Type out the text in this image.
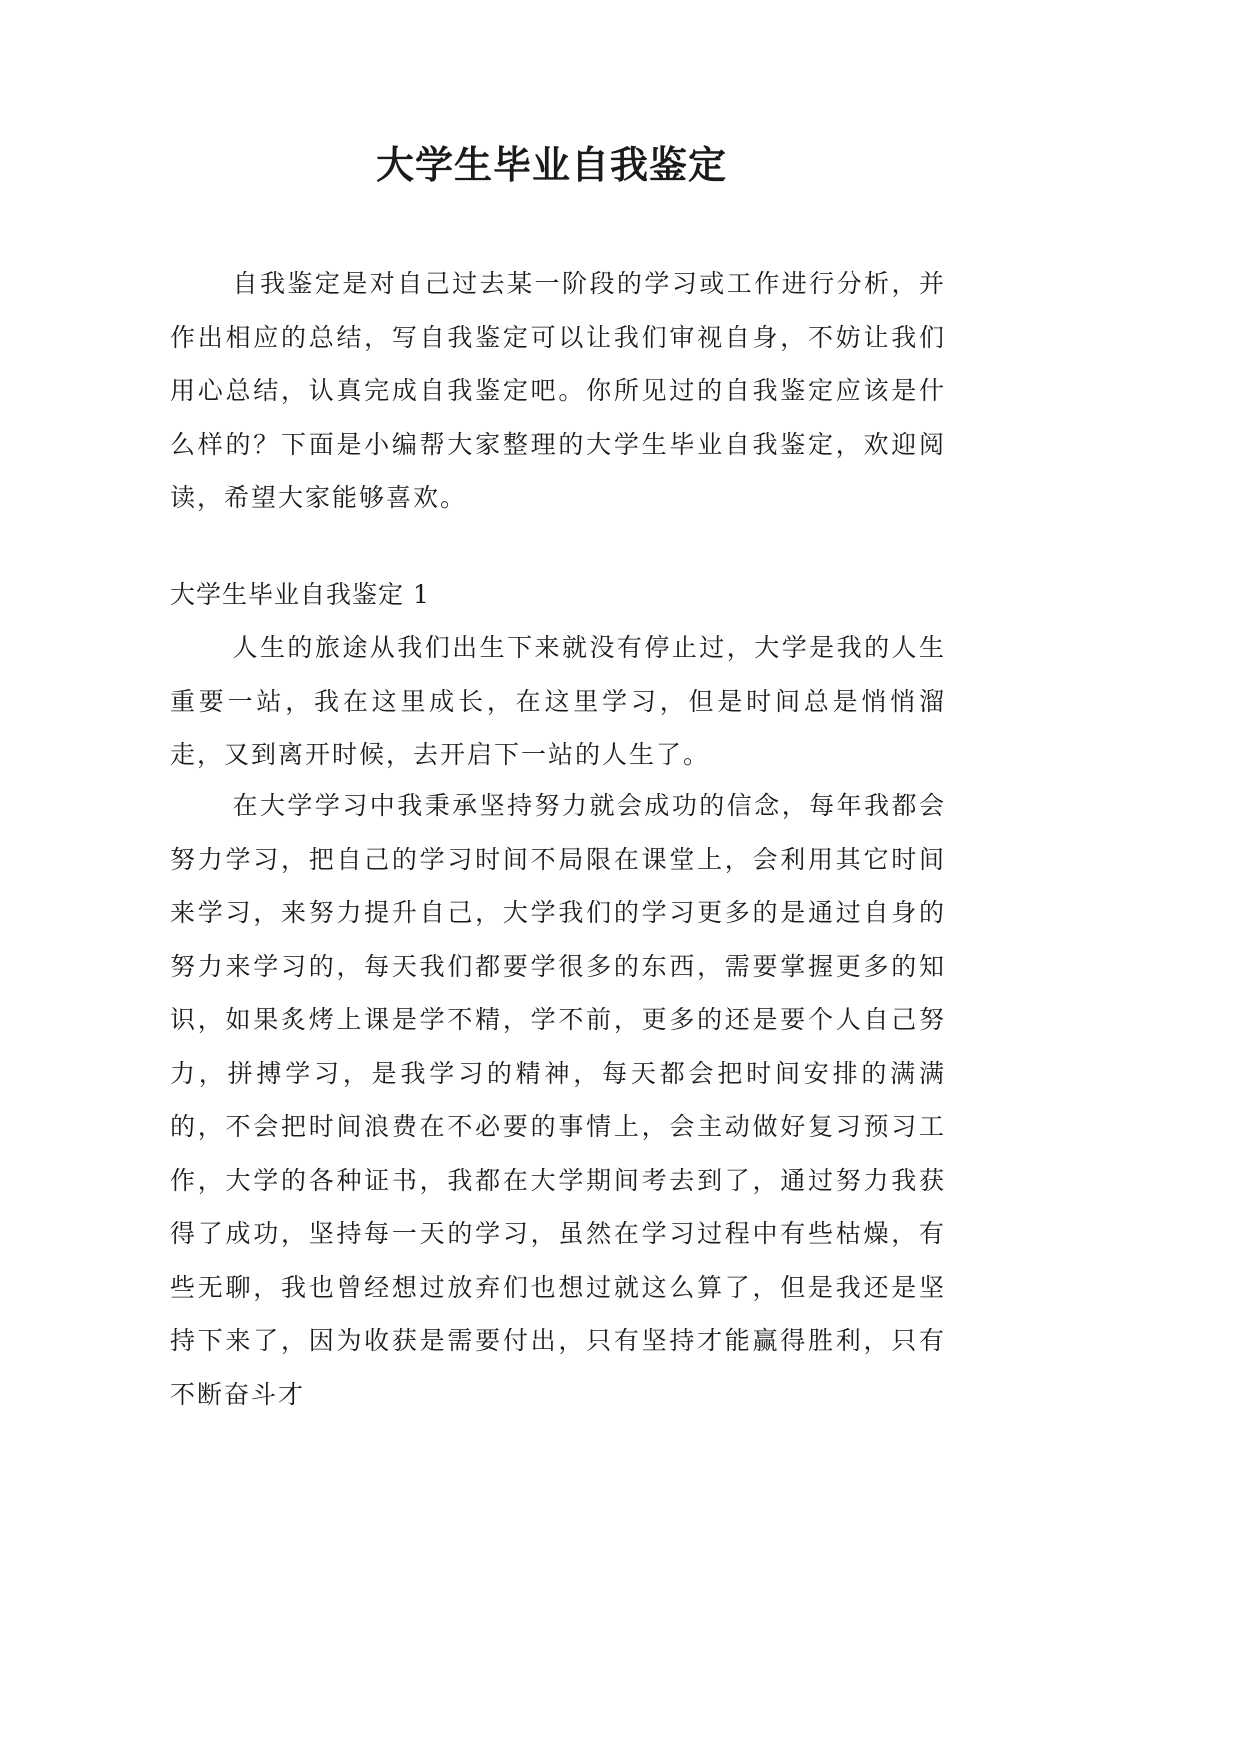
大学生毕业自我鉴定

自我鉴定是对自己过去某一阶段的学习或工作进行分析，并作出相应的总结，写自我鉴定可以让我们审视自身，不妨让我们用心总结，认真完成自我鉴定吧。你所见过的自我鉴定应该是什么样的？下面是小编帮大家整理的大学生毕业自我鉴定，欢迎阅读，希望大家能够喜欢。

大学生毕业自我鉴定 1

人生的旅途从我们出生下来就没有停止过，大学是我的人生重要一站，我在这里成长，在这里学习，但是时间总是悄悄溜走，又到离开时候，去开启下一站的人生了。

在大学学习中我秉承坚持努力就会成功的信念，每年我都会努力学习，把自己的学习时间不局限在课堂上，会利用其它时间来学习，来努力提升自己，大学我们的学习更多的是通过自身的努力来学习的，每天我们都要学很多的东西，需要掌握更多的知识，如果炙烤上课是学不精，学不前，更多的还是要个人自己努力，拼搏学习，是我学习的精神，每天都会把时间安排的满满的，不会把时间浪费在不必要的事情上，会主动做好复习预习工作，大学的各种证书，我都在大学期间考去到了，通过努力我获得了成功，坚持每一天的学习，虽然在学习过程中有些枯燥，有些无聊，我也曾经想过放弃们也想过就这么算了，但是我还是坚持下来了，因为收获是需要付出，只有坚持才能赢得胜利，只有不断奋斗才
